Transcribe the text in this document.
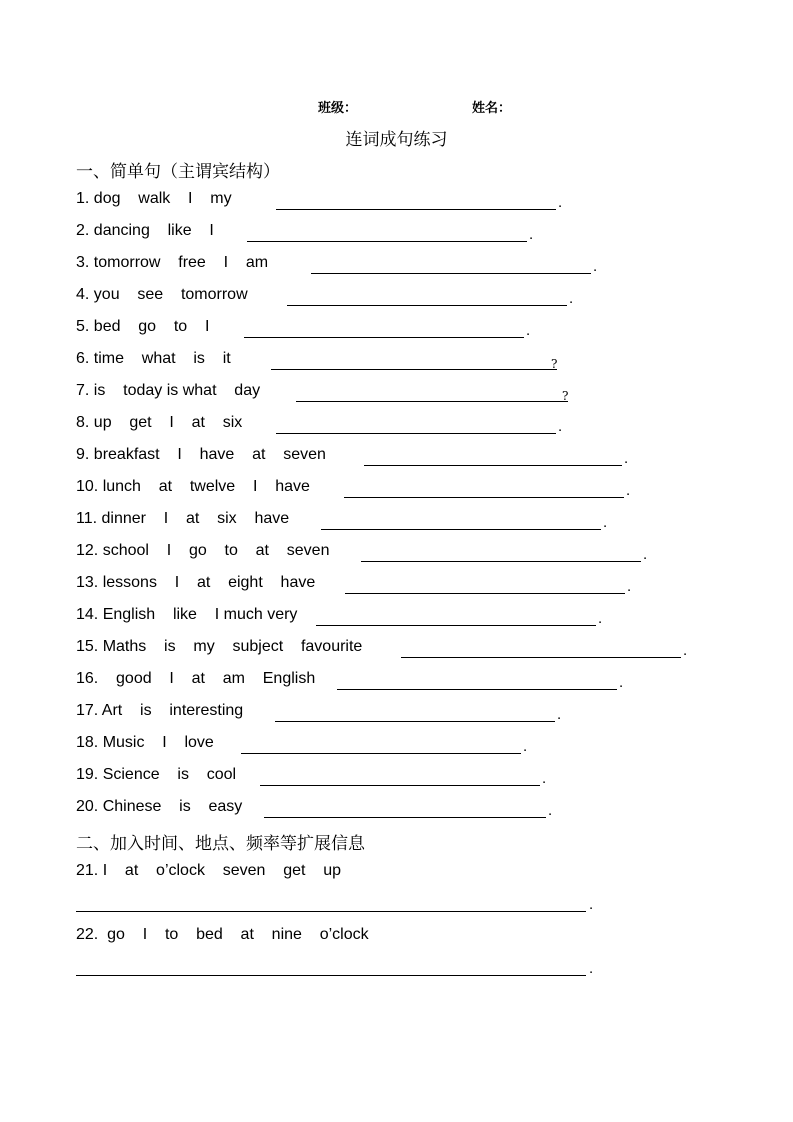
班级：	姓名：
连词成句练习
一、简单句（主谓宾结构）
1. dog    walk    I    my	.
2. dancing    like    I	.
3. tomorrow    free    I    am	.
4. you    see    tomorrow	.
5. bed    go    to    I	.
6. time    what    is    it	?
7. is    today is what    day	?
8. up    get    I    at    six	.
9. breakfast    I    have    at    seven	.
10. lunch    at    twelve    I    have	.
11. dinner    I    at    six    have	.
12. school    I    go    to    at    seven	.
13. lessons    I    at    eight    have	.
14. English    like    I much very	.
15. Maths    is    my    subject    favourite	.
16.    good    I    at    am    English	.
17. Art    is    interesting	.
18. Music    I    love	.
19. Science    is    cool	.
20. Chinese    is    easy	.
二、加入时间、地点、频率等扩展信息
21. I    at    o’clock    seven    get    up
.
22.  go    I    to    bed    at    nine    o’clock
.
